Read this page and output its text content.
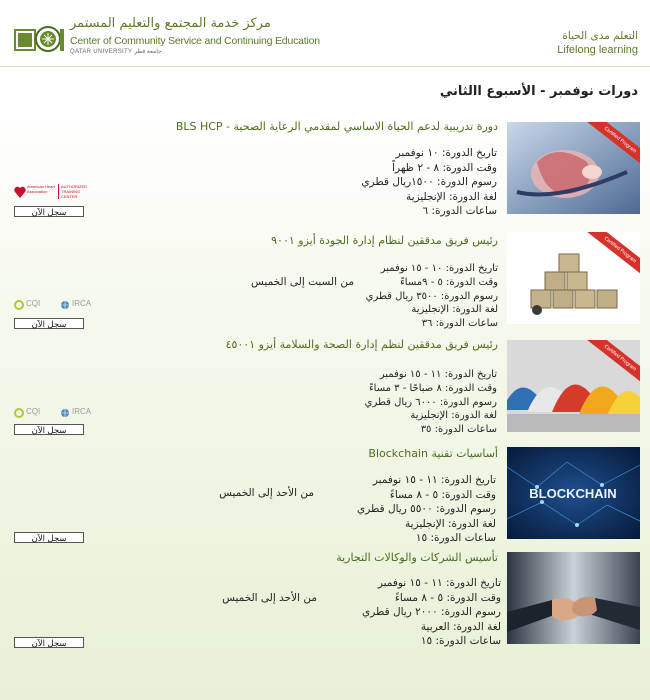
مركز خدمة المجتمع والتعليم المستمر
Center of Community Service and Continuing Education
QATAR UNIVERSITY جامعة قطر
التعلم مدى الحياة
Lifelong learning
دورات نوفمبر - الأسبوع االثاني
Certified Program
دورة تدريبية لدعم الحياة الاساسي لمقدمي الرعاية الصحية - BLS HCP
تاريخ الدورة: ١٠ نوفمبر
وقت الدورة: ٨ - ٢ ظهراً
رسوم الدورة: ١٥٠٠ريال قطري
لغة الدورة: الإنجليزية
ساعات الدورة: ٦
American Heart Association
AUTHORIZED TRAINING CENTER
سجل الآن
Certified Program
رئيس فريق مدققين لنظام إدارة الجودة أيزو ٩٠٠١
تاريخ الدورة: ١٠ - ١٥ نوفمبر
وقت الدورة: ٥ - ٩مساءً
رسوم الدورة: ٣٥٠٠ ريال قطري
لغة الدورة: الإنجليزية
ساعات الدورة: ٣٦
من السبت إلى الخميس
CQI	IRCA
سجل الآن
Certified Program
رئيس فريق مدققين لنظم إدارة الصحة والسلامة أيزو ٤٥٠٠١
تاريخ الدورة: ١١ - ١٥ نوفمبر
وقت الدورة: ٨ صباحًا - ٣ مساءً
رسوم الدورة: ٦٠٠٠ ريال قطري
لغة الدورة: الإنجليزية
ساعات الدورة: ٣٥
CQI	IRCA
سجل الآن
BLOCKCHAIN
أساسيات تقنية Blockchain
تاريخ الدورة: ١١ - ١٥ نوفمبر
وقت الدورة: ٥ - ٨ مساءً
رسوم الدورة: ٥٥٠٠ ريال قطري
لغة الدورة: الإنجليزية
ساعات الدورة: ١٥
من الأحد إلى الخميس
سجل الآن
تأسيس الشركات والوكالات التجارية
تاريخ الدورة: ١١ - ١٥ نوفمبر
وقت الدورة: ٥ - ٨ مساءً
رسوم الدورة: ٢٠٠٠ ريال قطري
لغة الدورة: العربية
ساعات الدورة: ١٥
من الأحد إلى الخميس
سجل الآن
